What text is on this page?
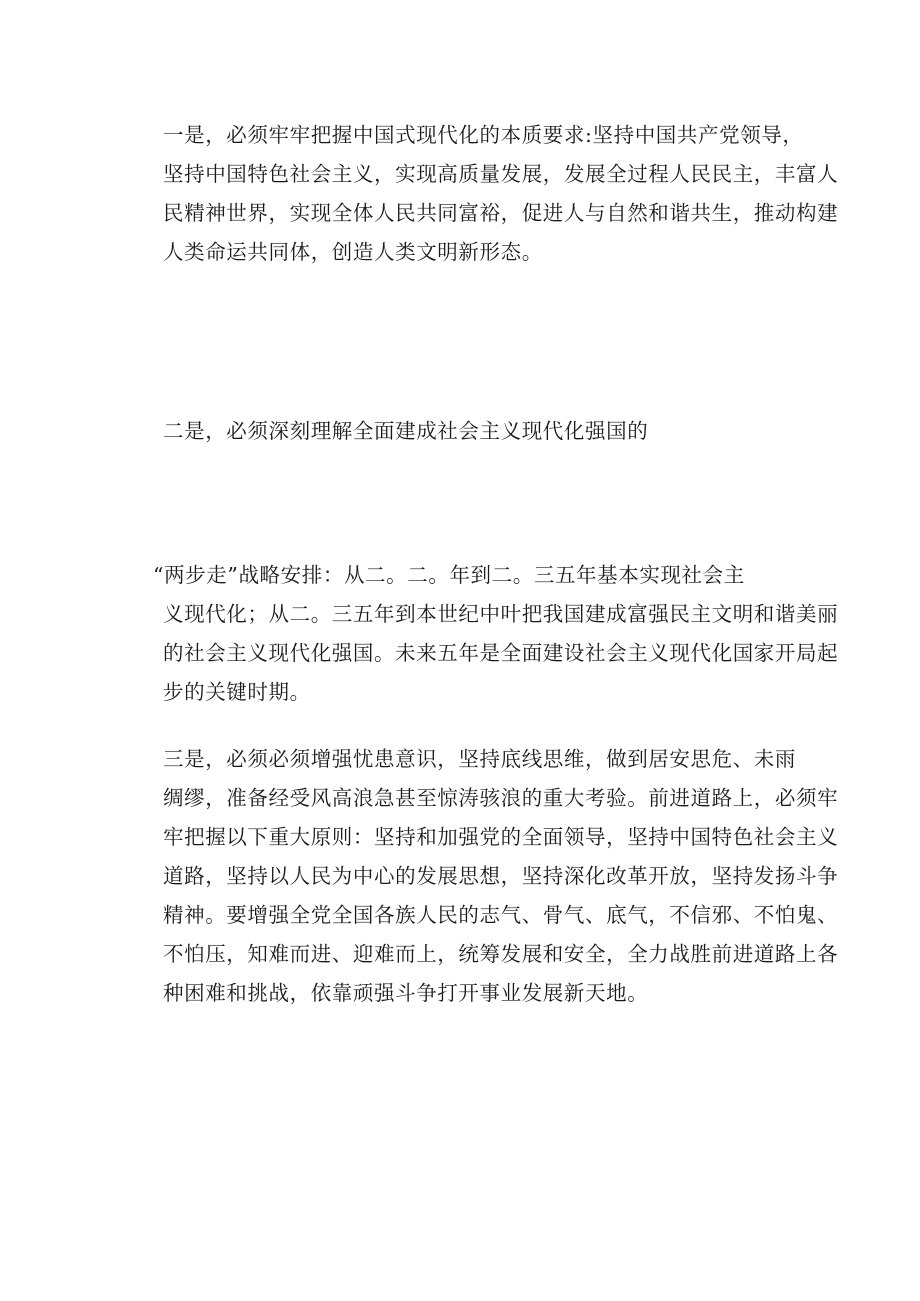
一是，必须牢牢把握中国式现代化的本质要求:坚持中国共产党领导，
坚持中国特色社会主义，实现高质量发展，发展全过程人民民主，丰富人
民精神世界，实现全体人民共同富裕，促进人与自然和谐共生，推动构建
人类命运共同体，创造人类文明新形态。
二是，必须深刻理解全面建成社会主义现代化强国的
“两步走”战略安排：从二。二。年到二。三五年基本实现社会主
义现代化；从二。三五年到本世纪中叶把我国建成富强民主文明和谐美丽
的社会主义现代化强国。未来五年是全面建设社会主义现代化国家开局起
步的关键时期。
三是，必须必须增强忧患意识，坚持底线思维，做到居安思危、未雨
绸缪，准备经受风高浪急甚至惊涛骇浪的重大考验。前进道路上，必须牢
牢把握以下重大原则：坚持和加强党的全面领导，坚持中国特色社会主义
道路，坚持以人民为中心的发展思想，坚持深化改革开放，坚持发扬斗争
精神。要增强全党全国各族人民的志气、骨气、底气，不信邪、不怕鬼、
不怕压，知难而进、迎难而上，统筹发展和安全，全力战胜前进道路上各
种困难和挑战，依靠顽强斗争打开事业发展新天地。
